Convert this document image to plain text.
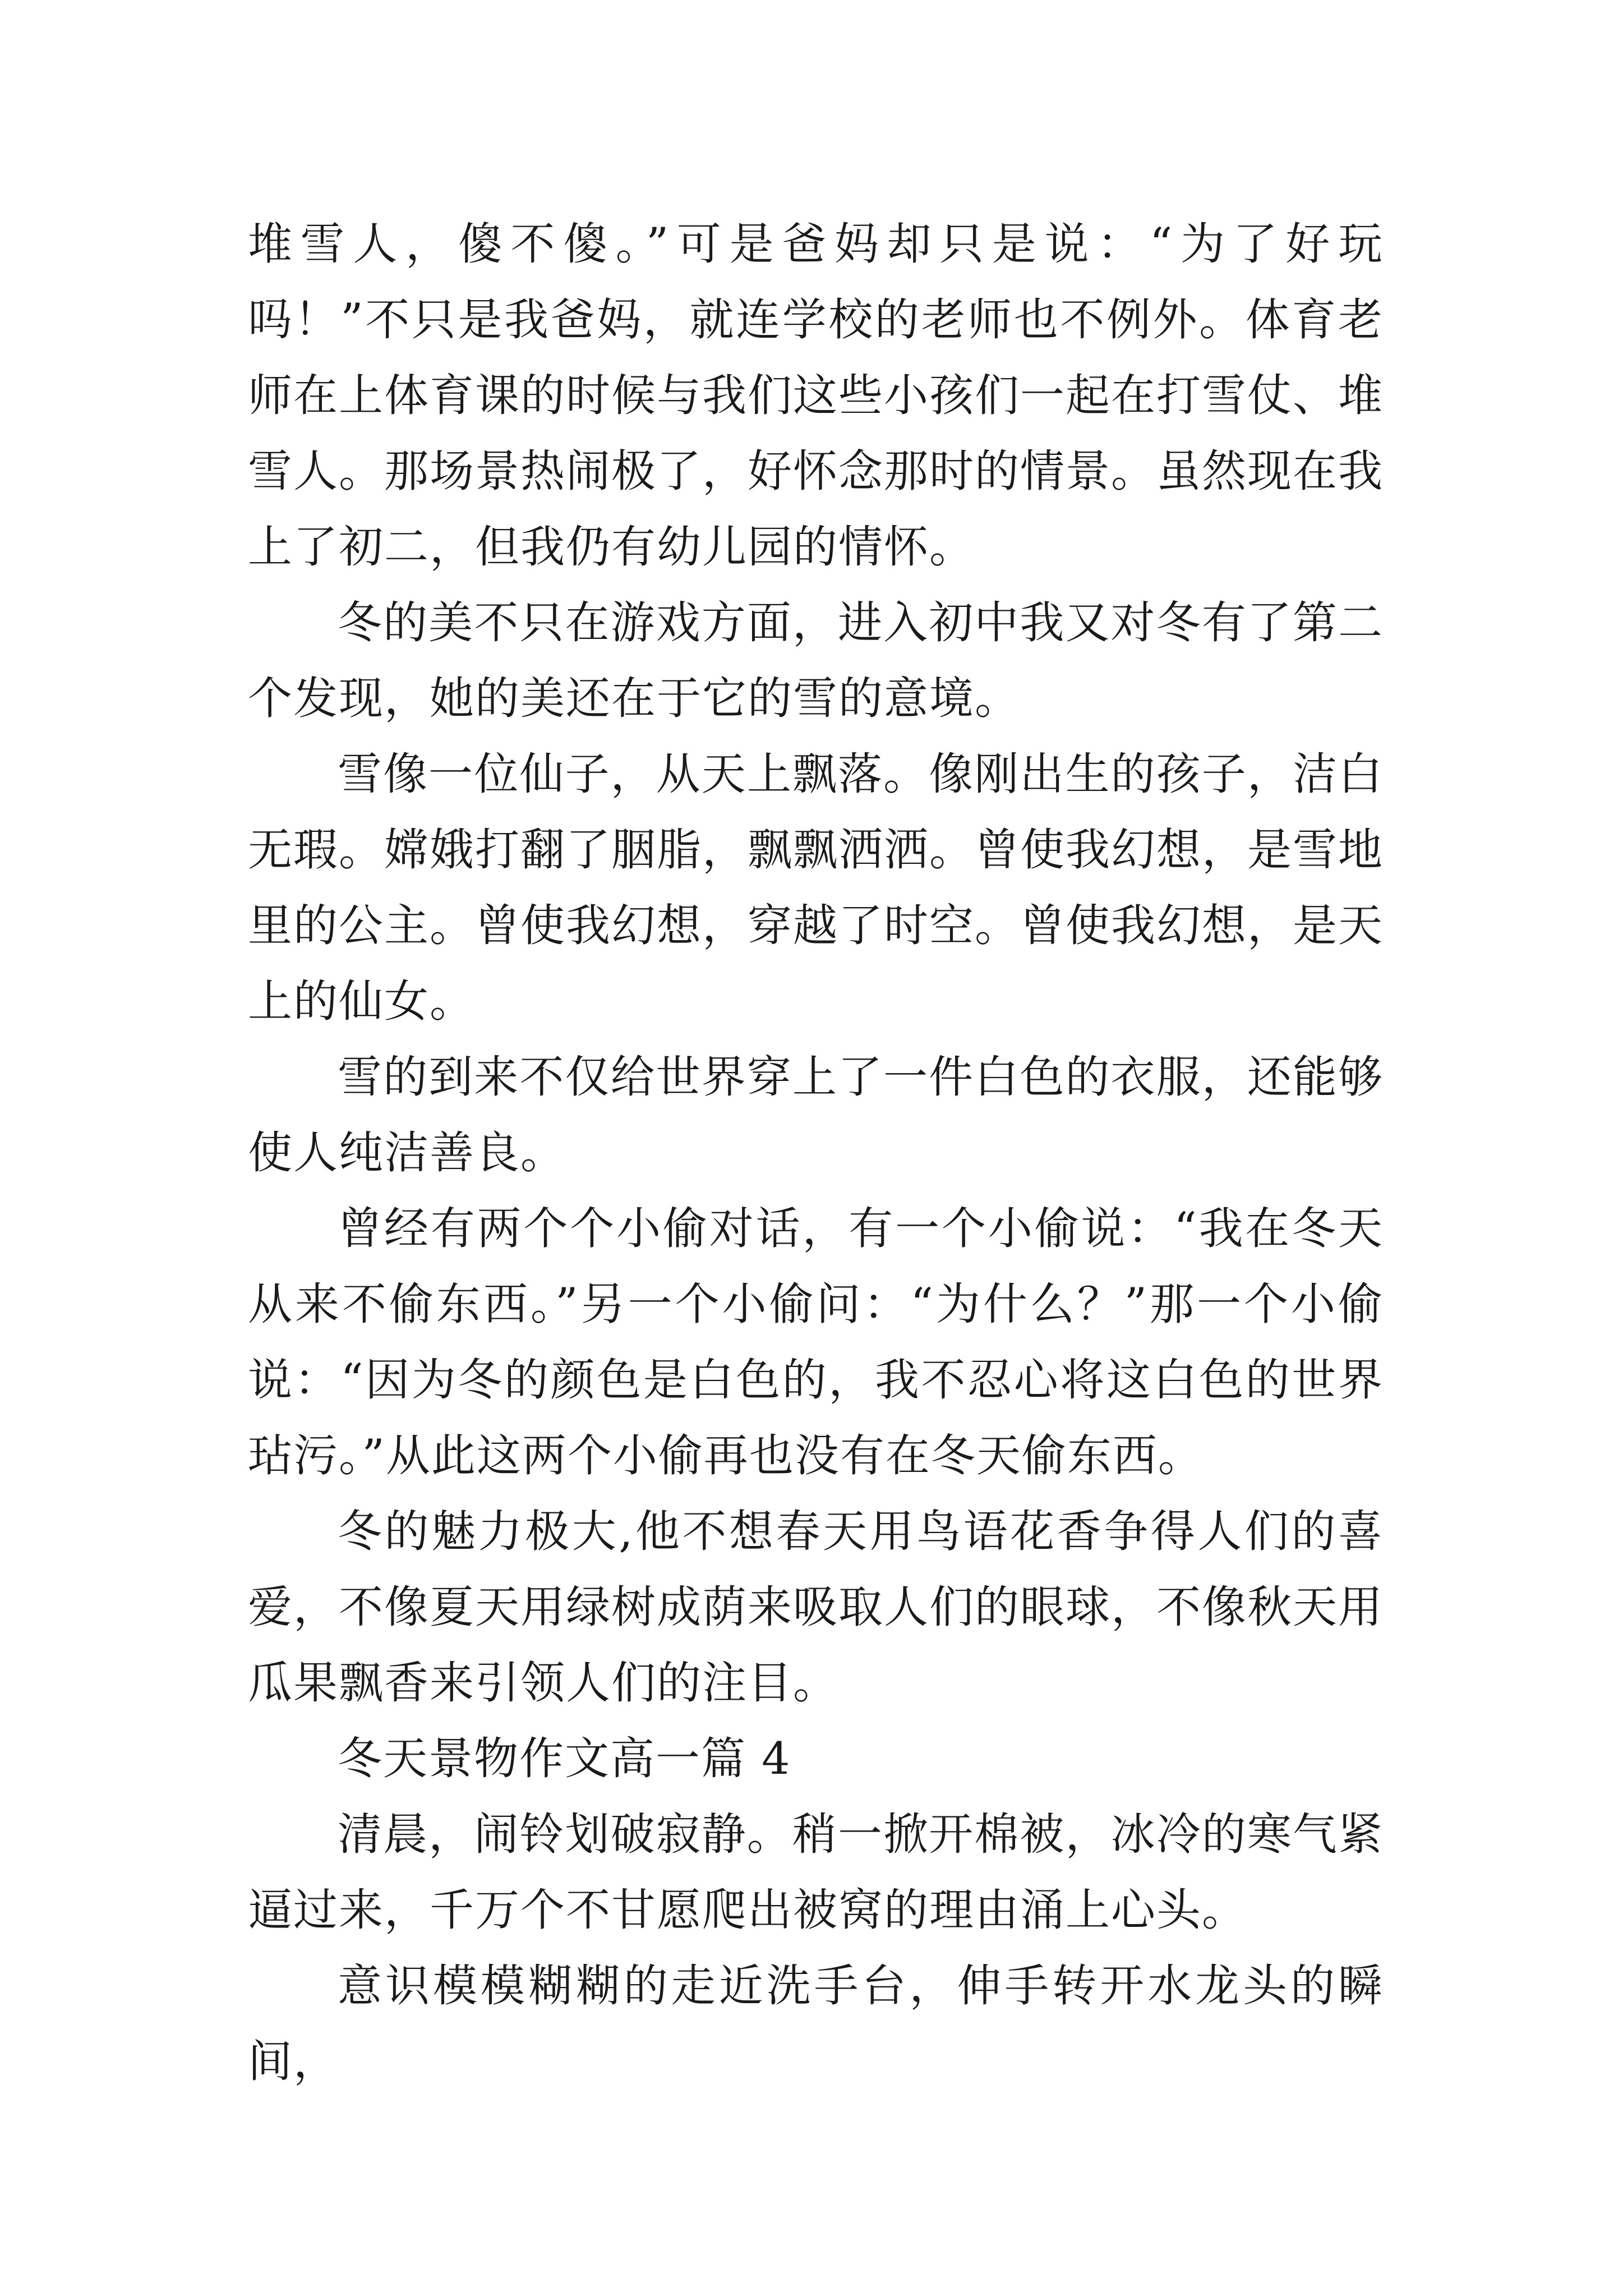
堆雪人，傻不傻。”可是爸妈却只是说：“为了好玩吗！”不只是我爸妈，就连学校的老师也不例外。体育老师在上体育课的时候与我们这些小孩们一起在打雪仗、堆雪人。那场景热闹极了，好怀念那时的情景。虽然现在我上了初二，但我仍有幼儿园的情怀。

冬的美不只在游戏方面，进入初中我又对冬有了第二个发现，她的美还在于它的雪的意境。

雪像一位仙子，从天上飘落。像刚出生的孩子，洁白无瑕。嫦娥打翻了胭脂，飘飘洒洒。曾使我幻想，是雪地里的公主。曾使我幻想，穿越了时空。曾使我幻想，是天上的仙女。

雪的到来不仅给世界穿上了一件白色的衣服，还能够使人纯洁善良。

曾经有两个个小偷对话，有一个小偷说：“我在冬天从来不偷东西。”另一个小偷问：“为什么？”那一个小偷说：“因为冬的颜色是白色的，我不忍心将这白色的世界玷污。”从此这两个小偷再也没有在冬天偷东西。

冬的魅力极大,他不想春天用鸟语花香争得人们的喜爱，不像夏天用绿树成荫来吸取人们的眼球，不像秋天用瓜果飘香来引领人们的注目。

冬天景物作文高一篇 4

清晨，闹铃划破寂静。稍一掀开棉被，冰冷的寒气紧逼过来，千万个不甘愿爬出被窝的理由涌上心头。

意识模模糊糊的走近洗手台，伸手转开水龙头的瞬间，
